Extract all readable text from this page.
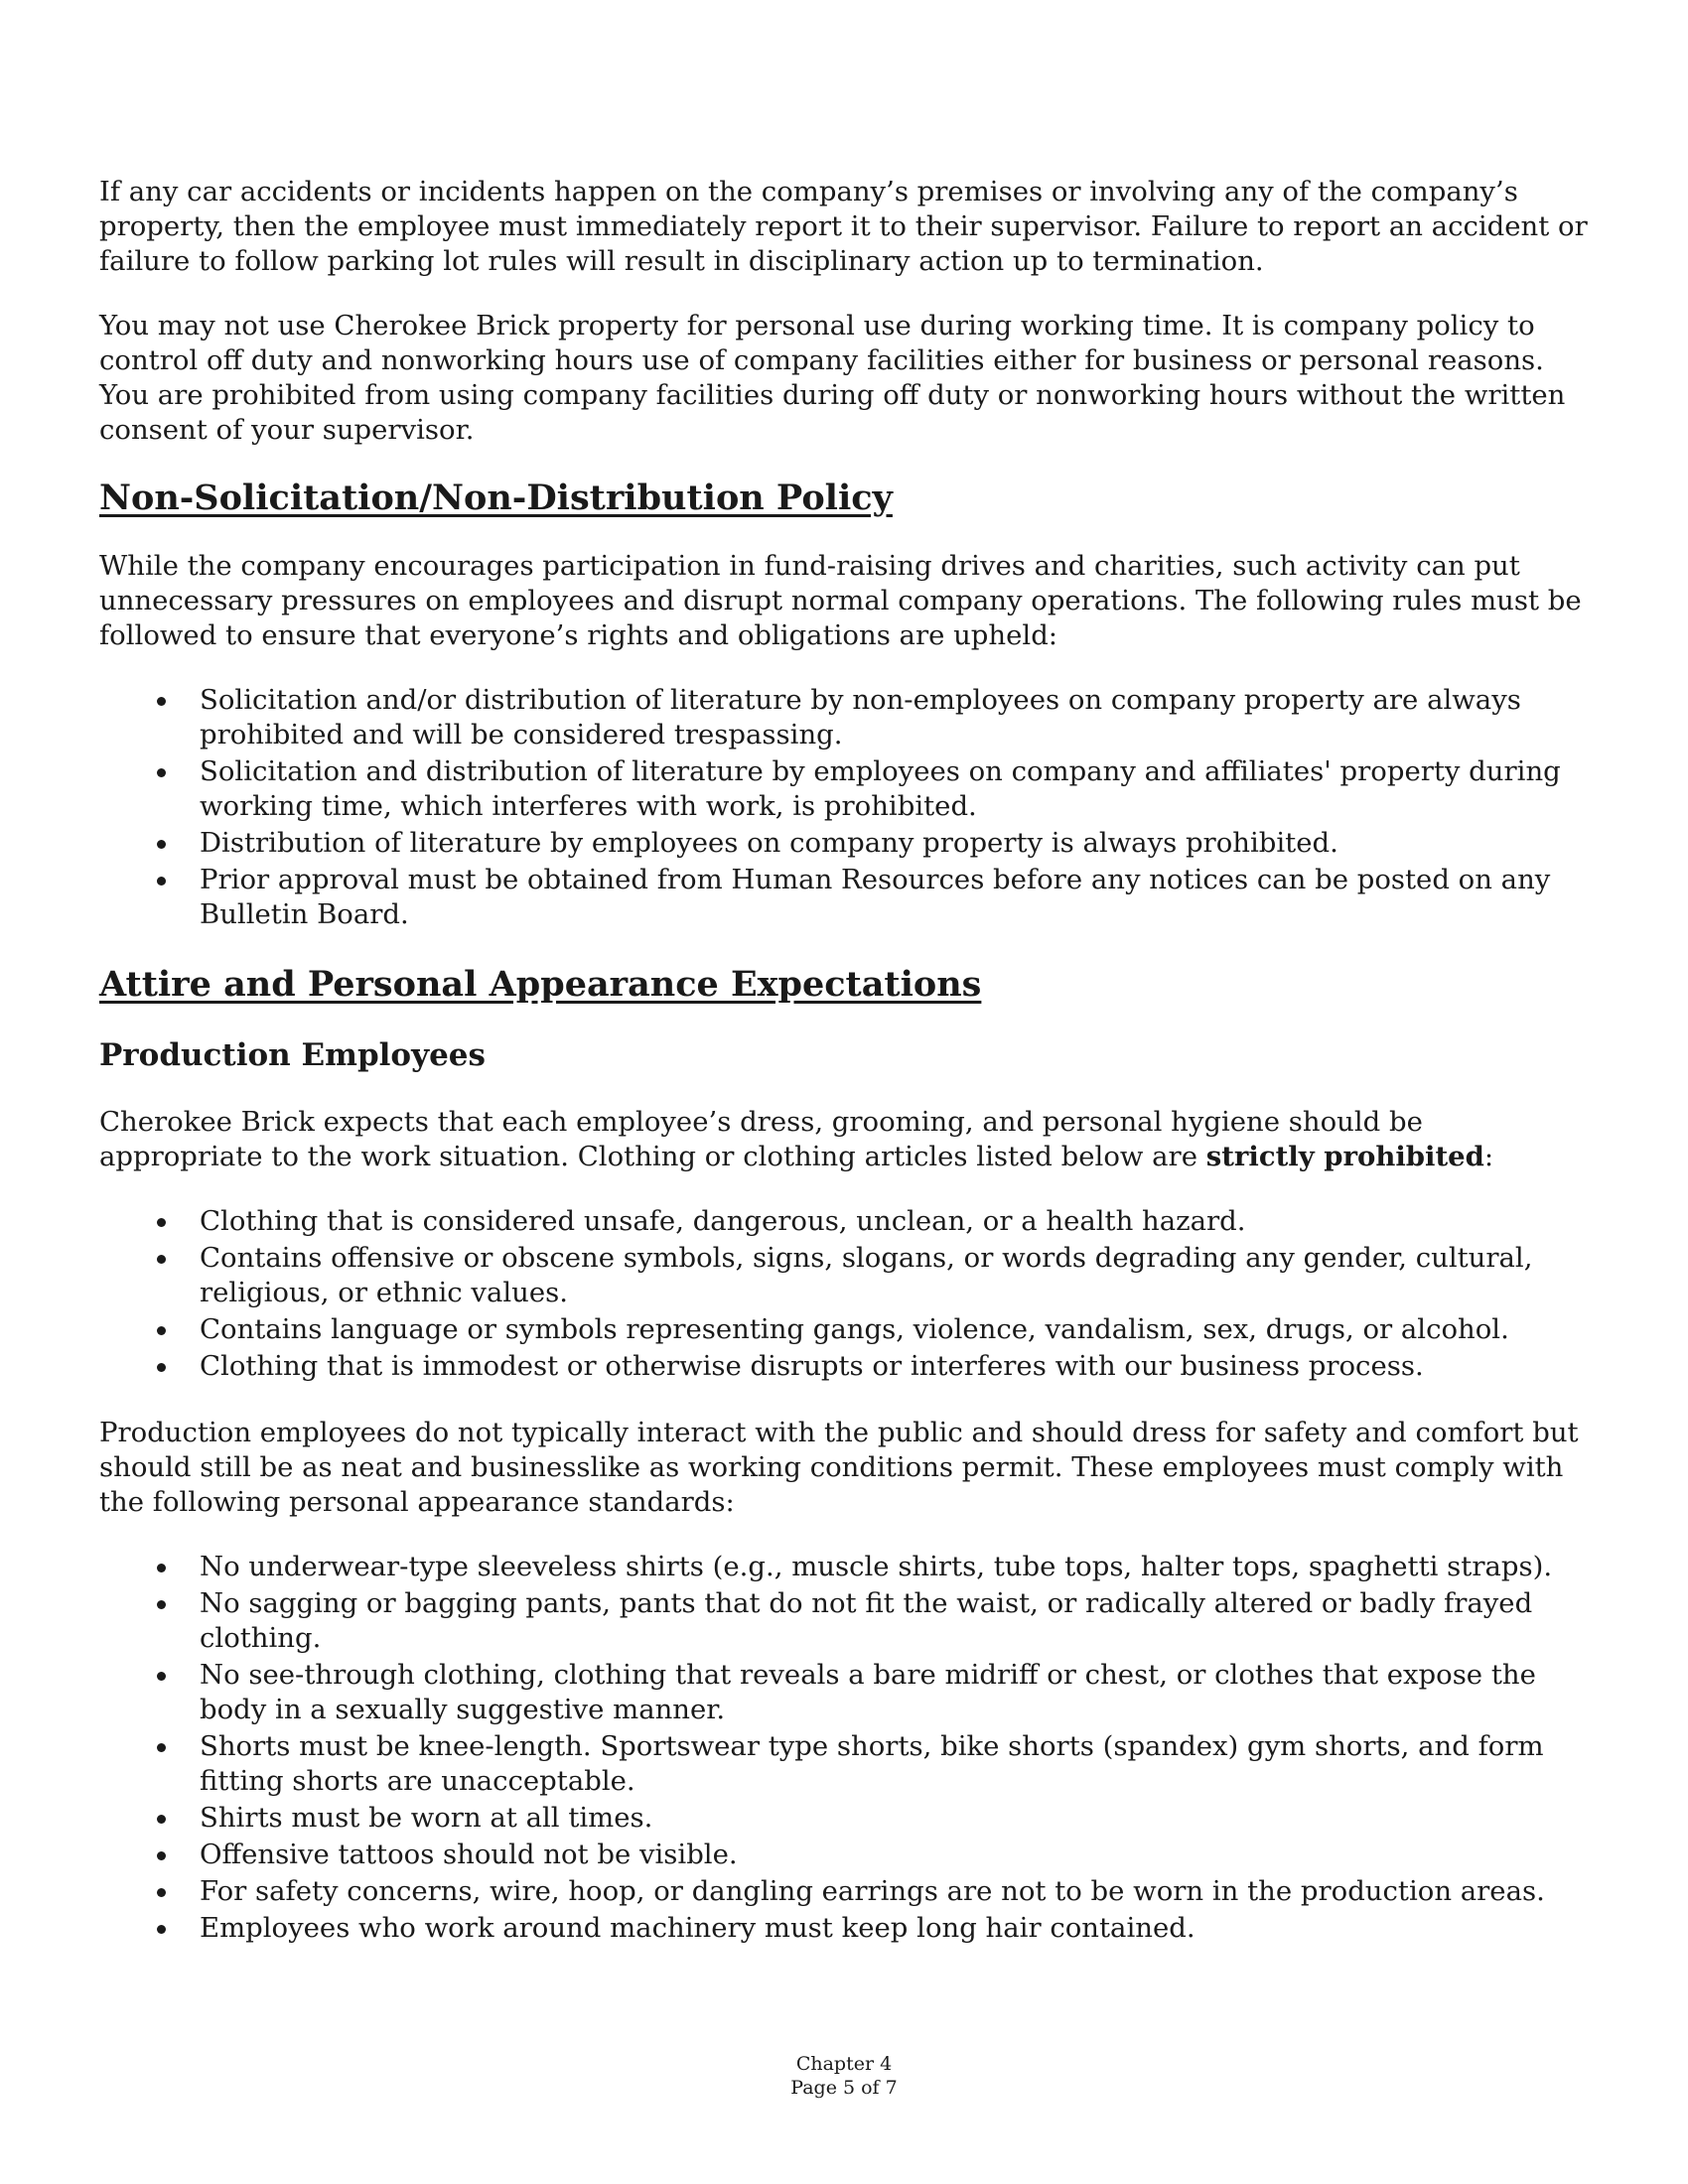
If any car accidents or incidents happen on the company’s premises or involving any of the company’s property, then the employee must immediately report it to their supervisor. Failure to report an accident or failure to follow parking lot rules will result in disciplinary action up to termination.

You may not use Cherokee Brick property for personal use during working time. It is company policy to control off duty and nonworking hours use of company facilities either for business or personal reasons. You are prohibited from using company facilities during off duty or nonworking hours without the written consent of your supervisor.

Non-Solicitation/Non-Distribution Policy

While the company encourages participation in fund-raising drives and charities, such activity can put unnecessary pressures on employees and disrupt normal company operations. The following rules must be followed to ensure that everyone’s rights and obligations are upheld:

Solicitation and/or distribution of literature by non-employees on company property are always prohibited and will be considered trespassing.
Solicitation and distribution of literature by employees on company and affiliates' property during working time, which interferes with work, is prohibited.
Distribution of literature by employees on company property is always prohibited.
Prior approval must be obtained from Human Resources before any notices can be posted on any Bulletin Board.
Attire and Personal Appearance Expectations
Production Employees

Cherokee Brick expects that each employee’s dress, grooming, and personal hygiene should be appropriate to the work situation. Clothing or clothing articles listed below are strictly prohibited:

Clothing that is considered unsafe, dangerous, unclean, or a health hazard.
Contains offensive or obscene symbols, signs, slogans, or words degrading any gender, cultural, religious, or ethnic values.
Contains language or symbols representing gangs, violence, vandalism, sex, drugs, or alcohol.
Clothing that is immodest or otherwise disrupts or interferes with our business process.

Production employees do not typically interact with the public and should dress for safety and comfort but should still be as neat and businesslike as working conditions permit. These employees must comply with the following personal appearance standards:

No underwear-type sleeveless shirts (e.g., muscle shirts, tube tops, halter tops, spaghetti straps).
No sagging or bagging pants, pants that do not fit the waist, or radically altered or badly frayed clothing.
No see-through clothing, clothing that reveals a bare midriff or chest, or clothes that expose the body in a sexually suggestive manner.
Shorts must be knee-length. Sportswear type shorts, bike shorts (spandex) gym shorts, and form fitting shorts are unacceptable.
Shirts must be worn at all times.
Offensive tattoos should not be visible.
For safety concerns, wire, hoop, or dangling earrings are not to be worn in the production areas.
Employees who work around machinery must keep long hair contained.
Chapter 4
Page 5 of 7
